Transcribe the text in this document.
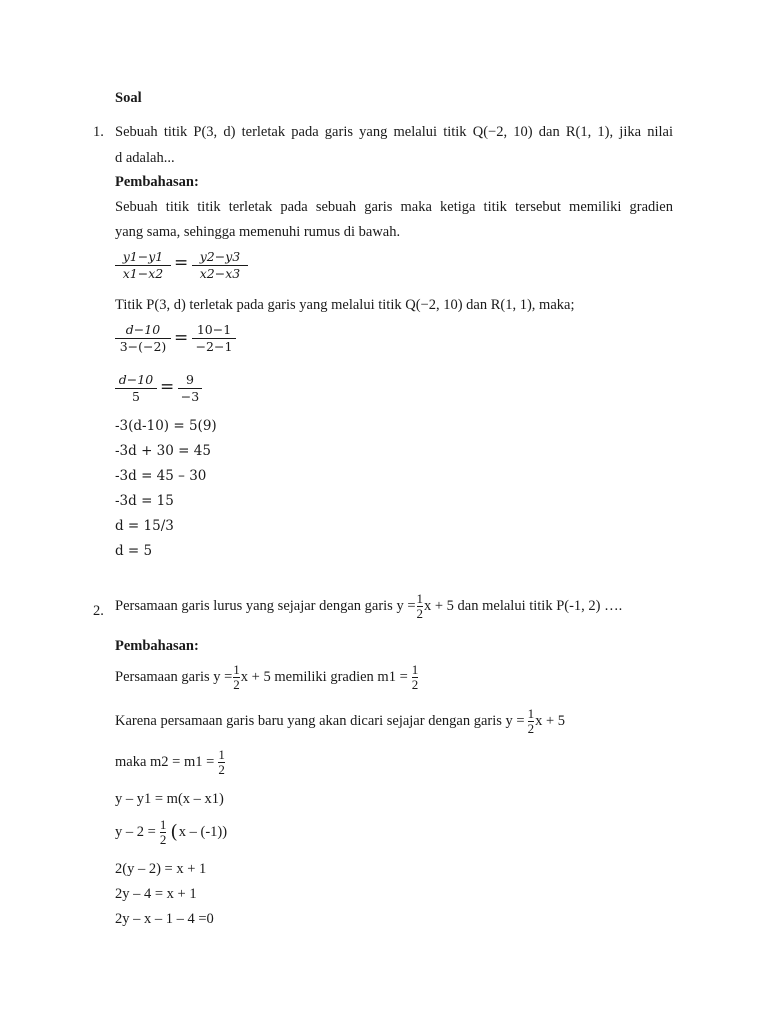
Soal
1. Sebuah titik P(3, d) terletak pada garis yang melalui titik Q(−2, 10) dan R(1, 1), jika nilai
d adalah...
Pembahasan:
Sebuah titik titik terletak pada sebuah garis maka ketiga titik tersebut memiliki gradien
yang sama, sehingga memenuhi rumus di bawah.
y1−y1
x1−x2
= y2−y3
x2−x3
Titik P(3, d) terletak pada garis yang melalui titik Q(−2, 10) dan R(1, 1), maka;
d−10
3−(−2) = 10−1
−2−1
d−10
5	= 9
−3
-3(d-10) = 5(9)
-3d + 30 = 45
-3d = 45 – 30
-3d = 15
d = 15/3
d = 5
2. Persamaan garis lurus yang sejajar dengan garis y = 1
2 x + 5 dan melalui titik P(-1, 2) ….
Pembahasan:
Persamaan garis y = 1
2 x + 5 memiliki gradien m1 = 1
2
Karena persamaan garis baru yang akan dicari sejajar dengan garis y = 1
2 x + 5
maka m2 = m1 = 1
2
y – y1 = m(x – x1)
y – 2 = 1
2 ( x – (-1))
2(y – 2) = x + 1
2y – 4 = x + 1
2y – x – 1 – 4 =0
